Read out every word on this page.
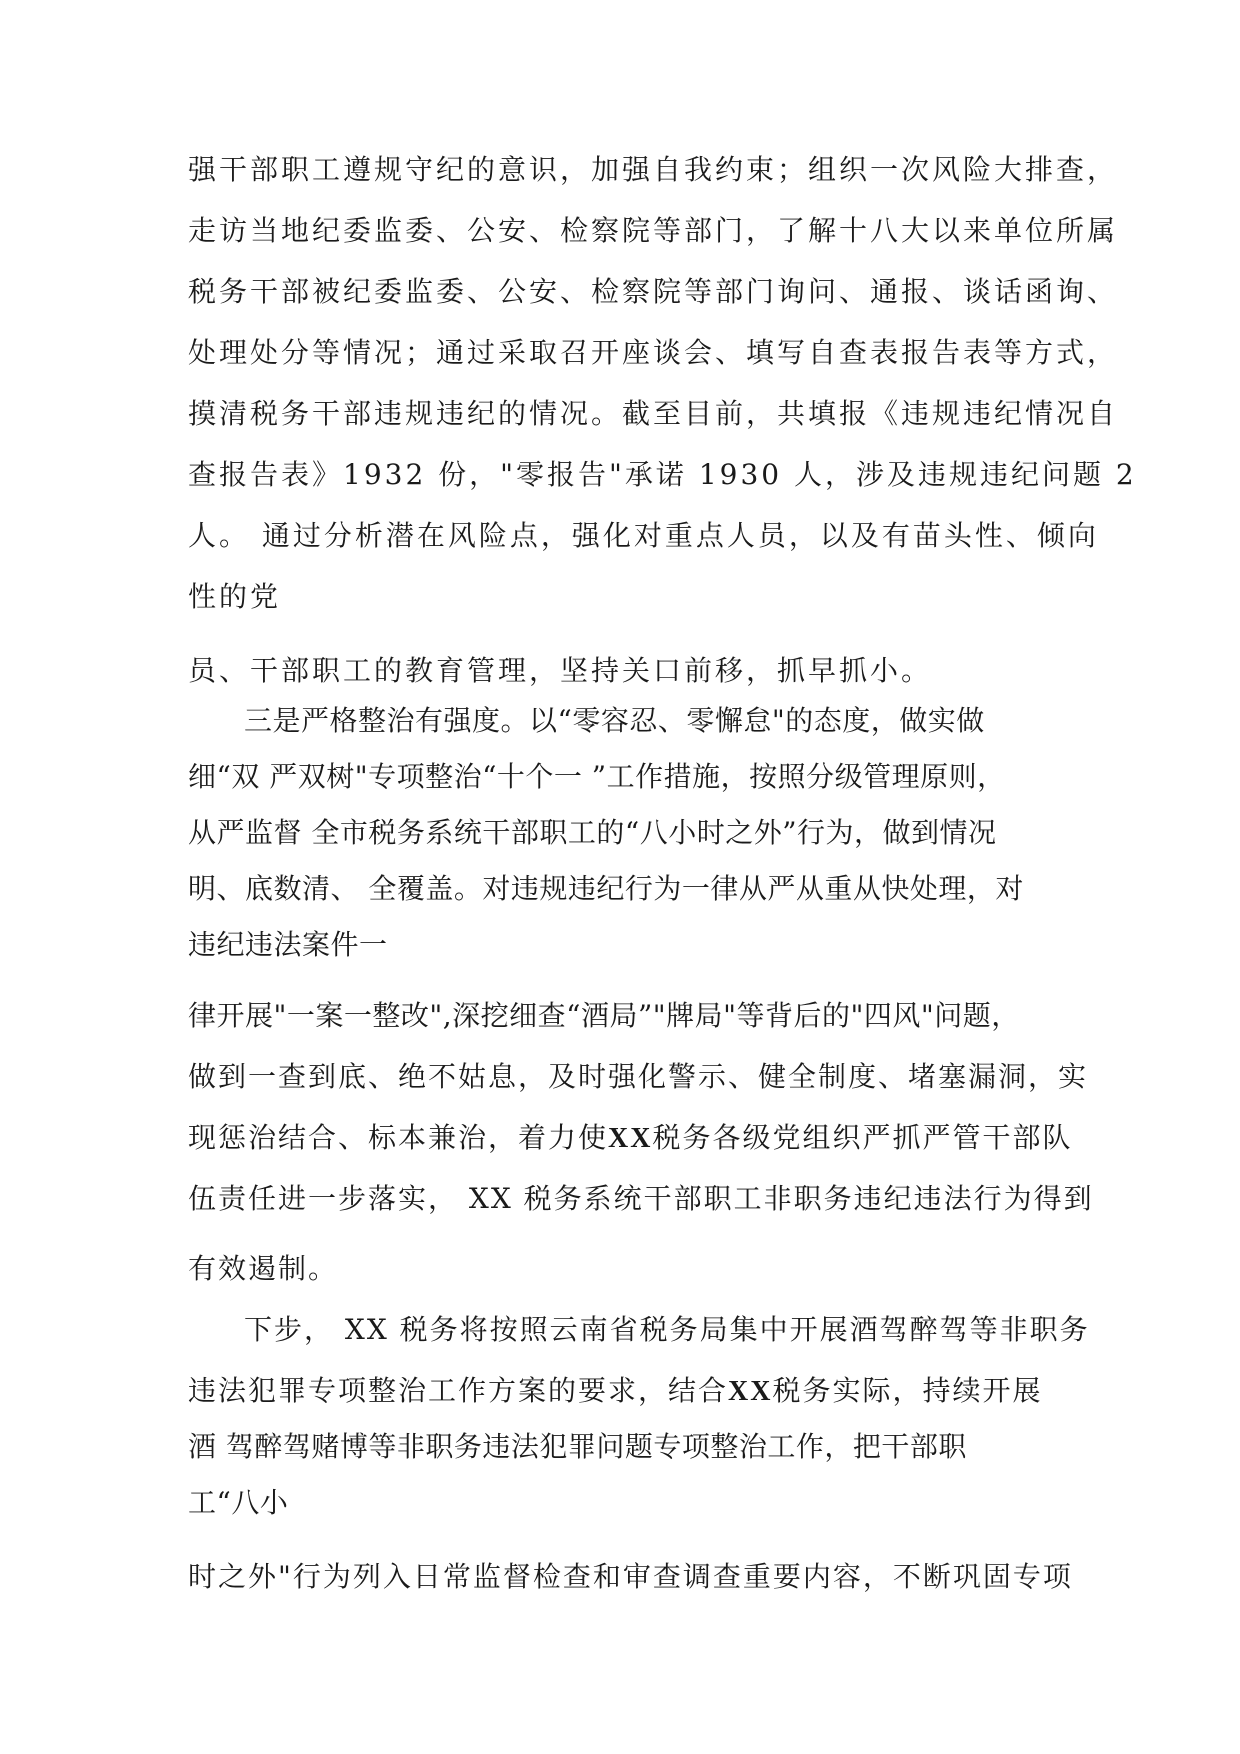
强干部职工遵规守纪的意识，加强自我约束；组织一次风险大排查，
走访当地纪委监委、公安、检察院等部门，了解十八大以来单位所属
税务干部被纪委监委、公安、检察院等部门询问、通报、谈话函询、
处理处分等情况；通过采取召开座谈会、填写自查表报告表等方式，
摸清税务干部违规违纪的情况。截至目前，共填报《违规违纪情况自
查报告表》1932 份，"零报告"承诺 1930 人，涉及违规违纪问题 2
人。 通过分析潜在风险点，强化对重点人员，以及有苗头性、倾向
性的党
员、干部职工的教育管理，坚持关口前移，抓早抓小。
三是严格整治有强度。以“零容忍、零懈怠"的态度，做实做
细“双 严双树"专项整治“十个一 ”工作措施，按照分级管理原则，
从严监督 全市税务系统干部职工的“八小时之外”行为，做到情况
明、底数清、 全覆盖。对违规违纪行为一律从严从重从快处理，对
违纪违法案件一
律开展"一案一整改",深挖细查“酒局”"牌局"等背后的"四风"问题，
做到一查到底、绝不姑息，及时强化警示、健全制度、堵塞漏洞，实
现惩治结合、标本兼治，着力使XX税务各级党组织严抓严管干部队
伍责任进一步落实， XX 税务系统干部职工非职务违纪违法行为得到
有效遏制。
下步， XX 税务将按照云南省税务局集中开展酒驾醉驾等非职务
违法犯罪专项整治工作方案的要求，结合XX税务实际，持续开展
酒 驾醉驾赌博等非职务违法犯罪问题专项整治工作，把干部职
工“八小
时之外"行为列入日常监督检查和审查调查重要内容，不断巩固专项
